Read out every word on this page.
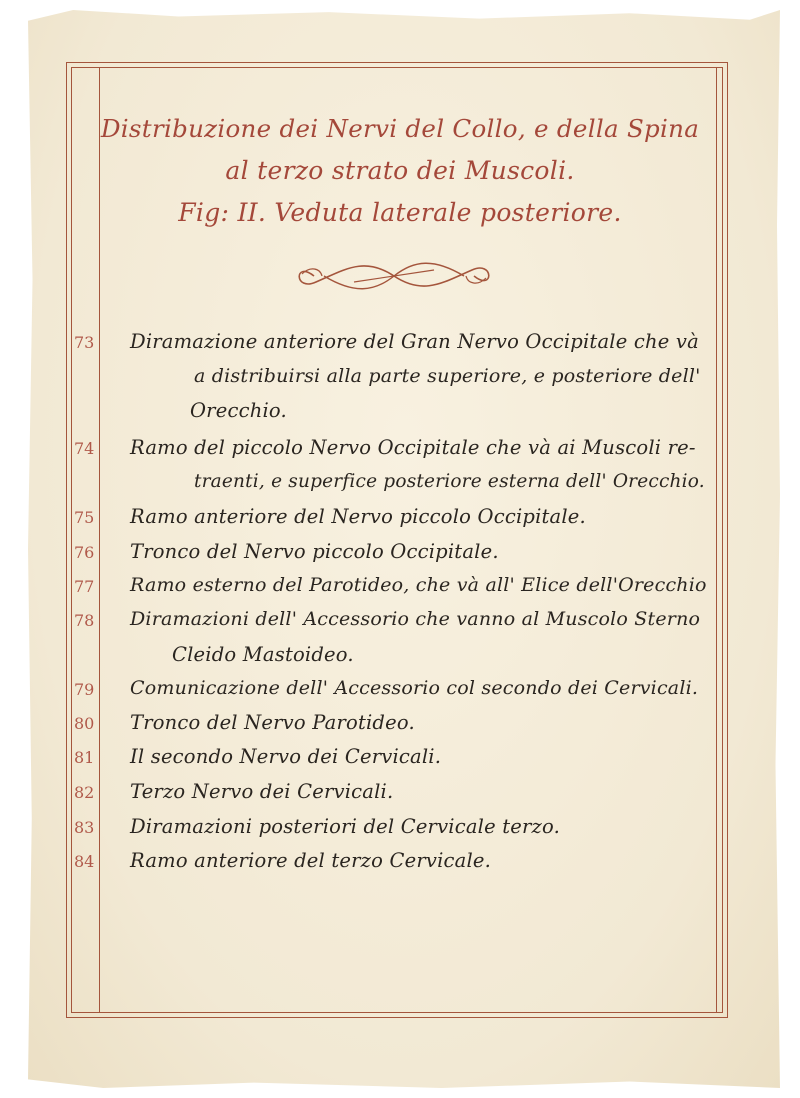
Distribuzione dei Nervi del Collo, e della Spina
al terzo strato dei Muscoli.
Fig: II. Veduta laterale posteriore.
73 Diramazione anteriore del Gran Nervo Occipitale che và
a distribuirsi alla parte superiore, e posteriore dell'
Orecchio.
74 Ramo del piccolo Nervo Occipitale che và ai Muscoli re-
traenti, e superfice posteriore esterna dell' Orecchio.
75 Ramo anteriore del Nervo piccolo Occipitale.
76 Tronco del Nervo piccolo Occipitale.
77 Ramo esterno del Parotideo, che và all' Elice dell'Orecchio
78 Diramazioni dell' Accessorio che vanno al Muscolo Sterno
Cleido Mastoideo.
79 Comunicazione dell' Accessorio col secondo dei Cervicali.
80 Tronco del Nervo Parotideo.
81 Il secondo Nervo dei Cervicali.
82 Terzo Nervo dei Cervicali.
83 Diramazioni posteriori del Cervicale terzo.
84 Ramo anteriore del terzo Cervicale.
